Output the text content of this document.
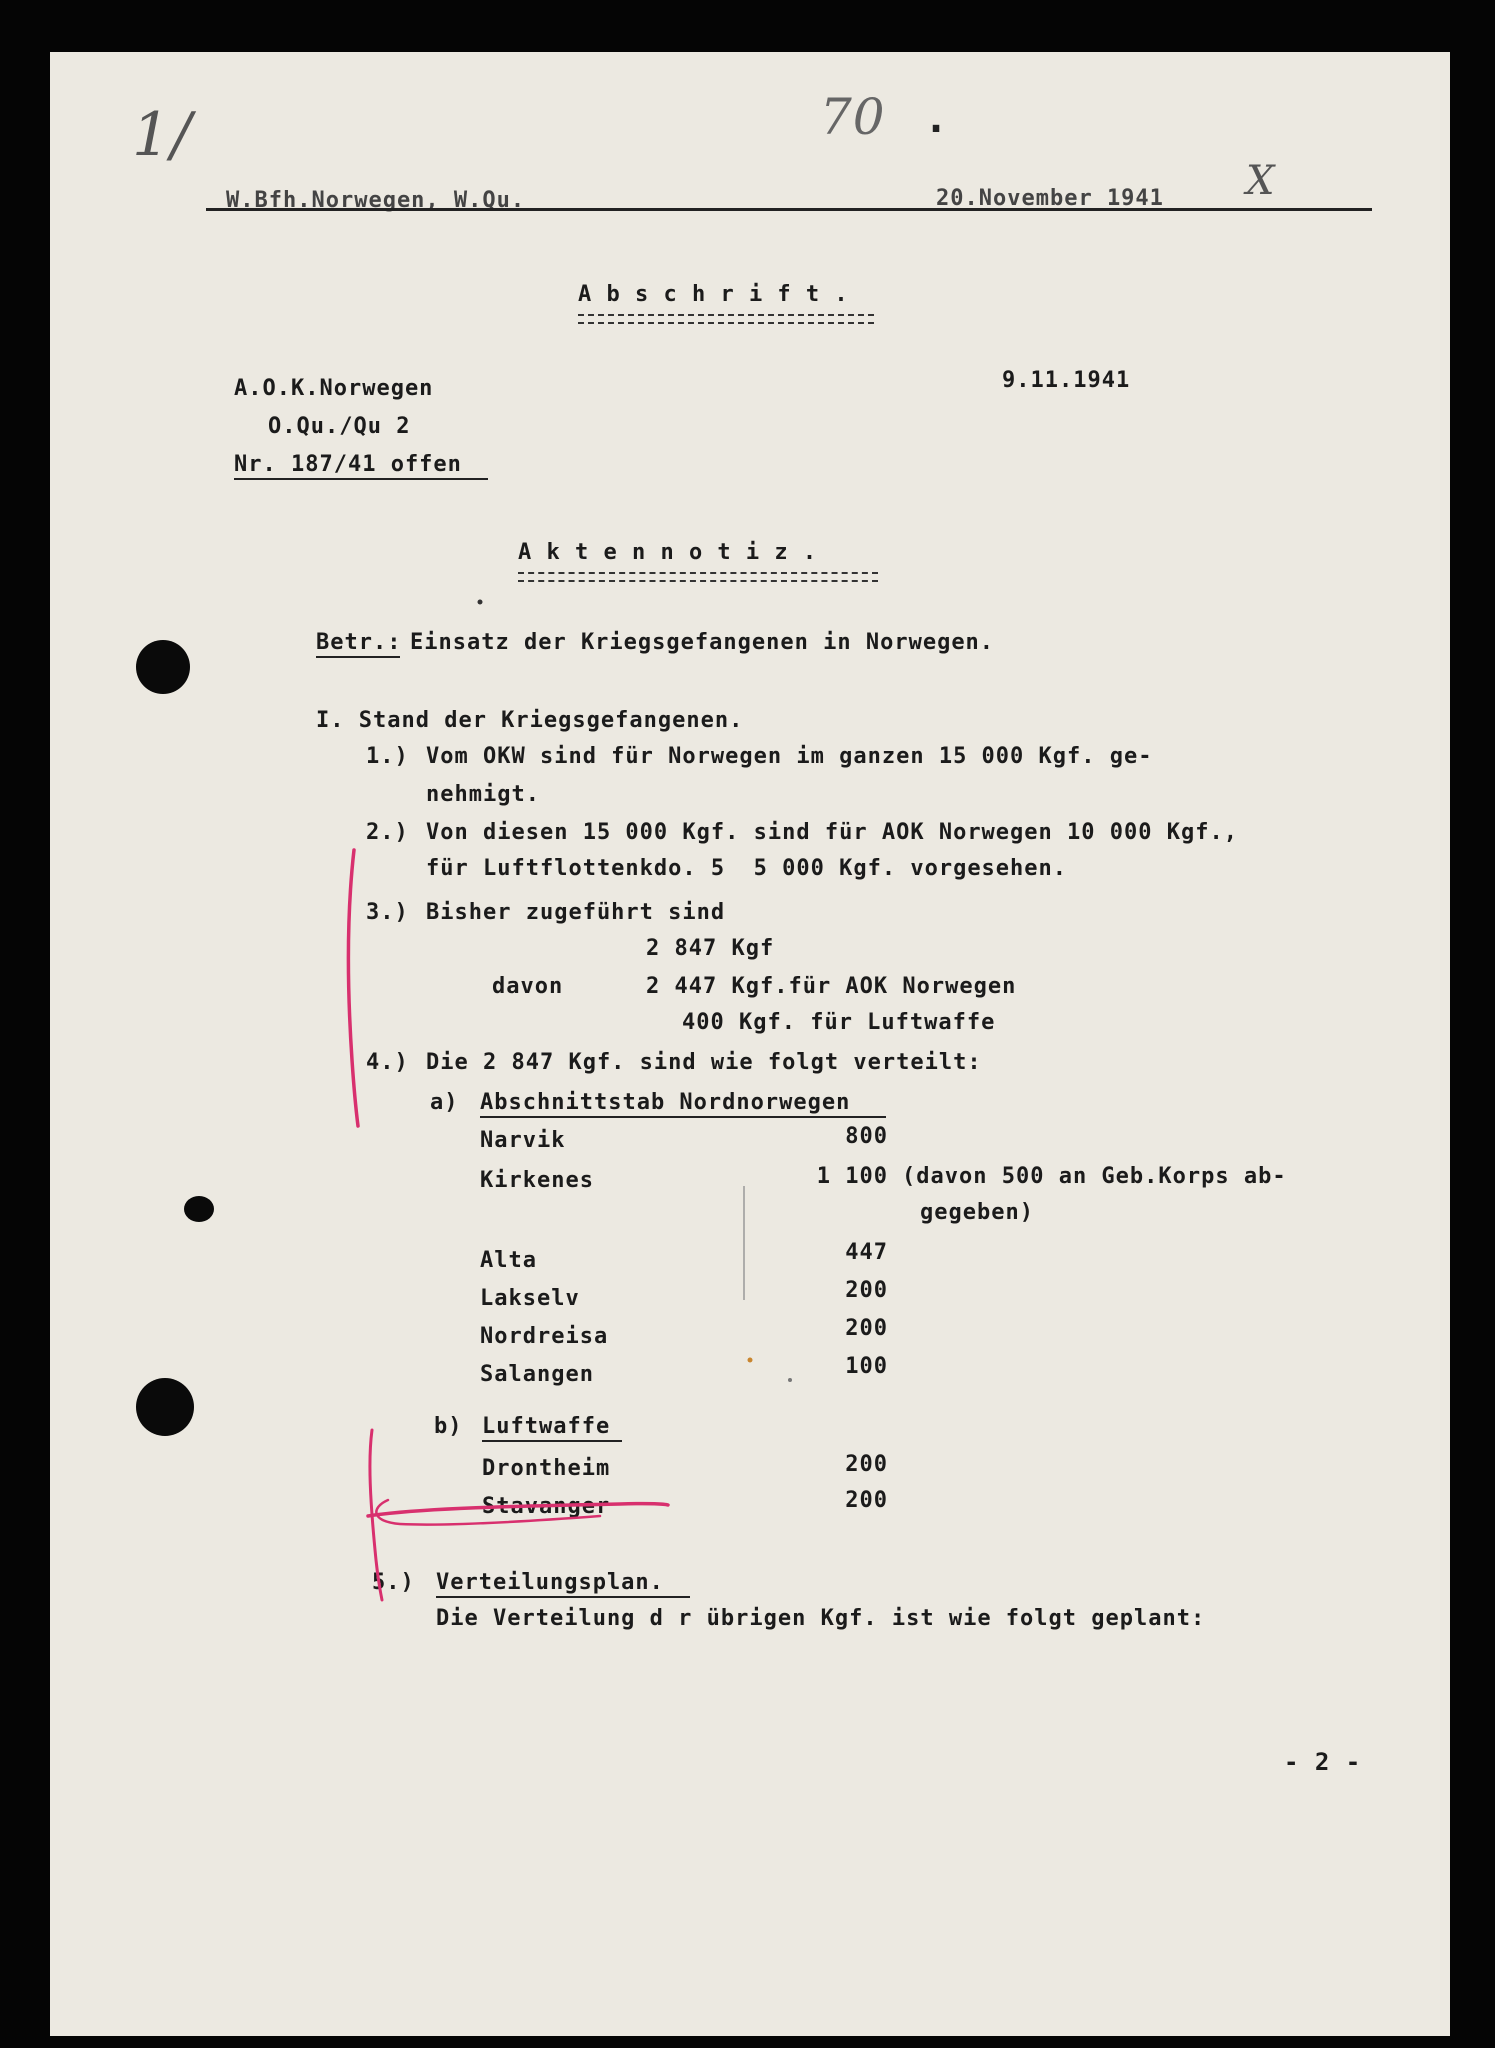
1/	70 .
X
W.Bfh.Norwegen, W.Qu.	20.November 1941
A b s c h r i f t .
A.O.K.Norwegen
O.Qu./Qu 2
Nr. 187/41 offen
9.11.1941
A k t e n n o t i z .
Betr.: Einsatz der Kriegsgefangenen in Norwegen.
I. Stand der Kriegsgefangenen.
1.) Vom OKW sind für Norwegen im ganzen 15 000 Kgf. ge-
nehmigt.
2.) Von diesen 15 000 Kgf. sind für AOK Norwegen 10 000 Kgf.,
für Luftflottenkdo. 5  5 000 Kgf. vorgesehen.
3.) Bisher zugeführt sind
2 847 Kgf
davon	2 447 Kgf.für AOK Norwegen
400 Kgf. für Luftwaffe
4.) Die 2 847 Kgf. sind wie folgt verteilt:
a) Abschnittstab Nordnorwegen
Narvik	800
Kirkenes	1 100 (davon 500 an Geb.Korps ab-
gegeben)
Alta	447
Lakselv	200
Nordreisa	200
Salangen	100
b) Luftwaffe
Drontheim	200
Stavanger	200
5.) Verteilungsplan.
Die Verteilung d r übrigen Kgf. ist wie folgt geplant:
- 2 -
